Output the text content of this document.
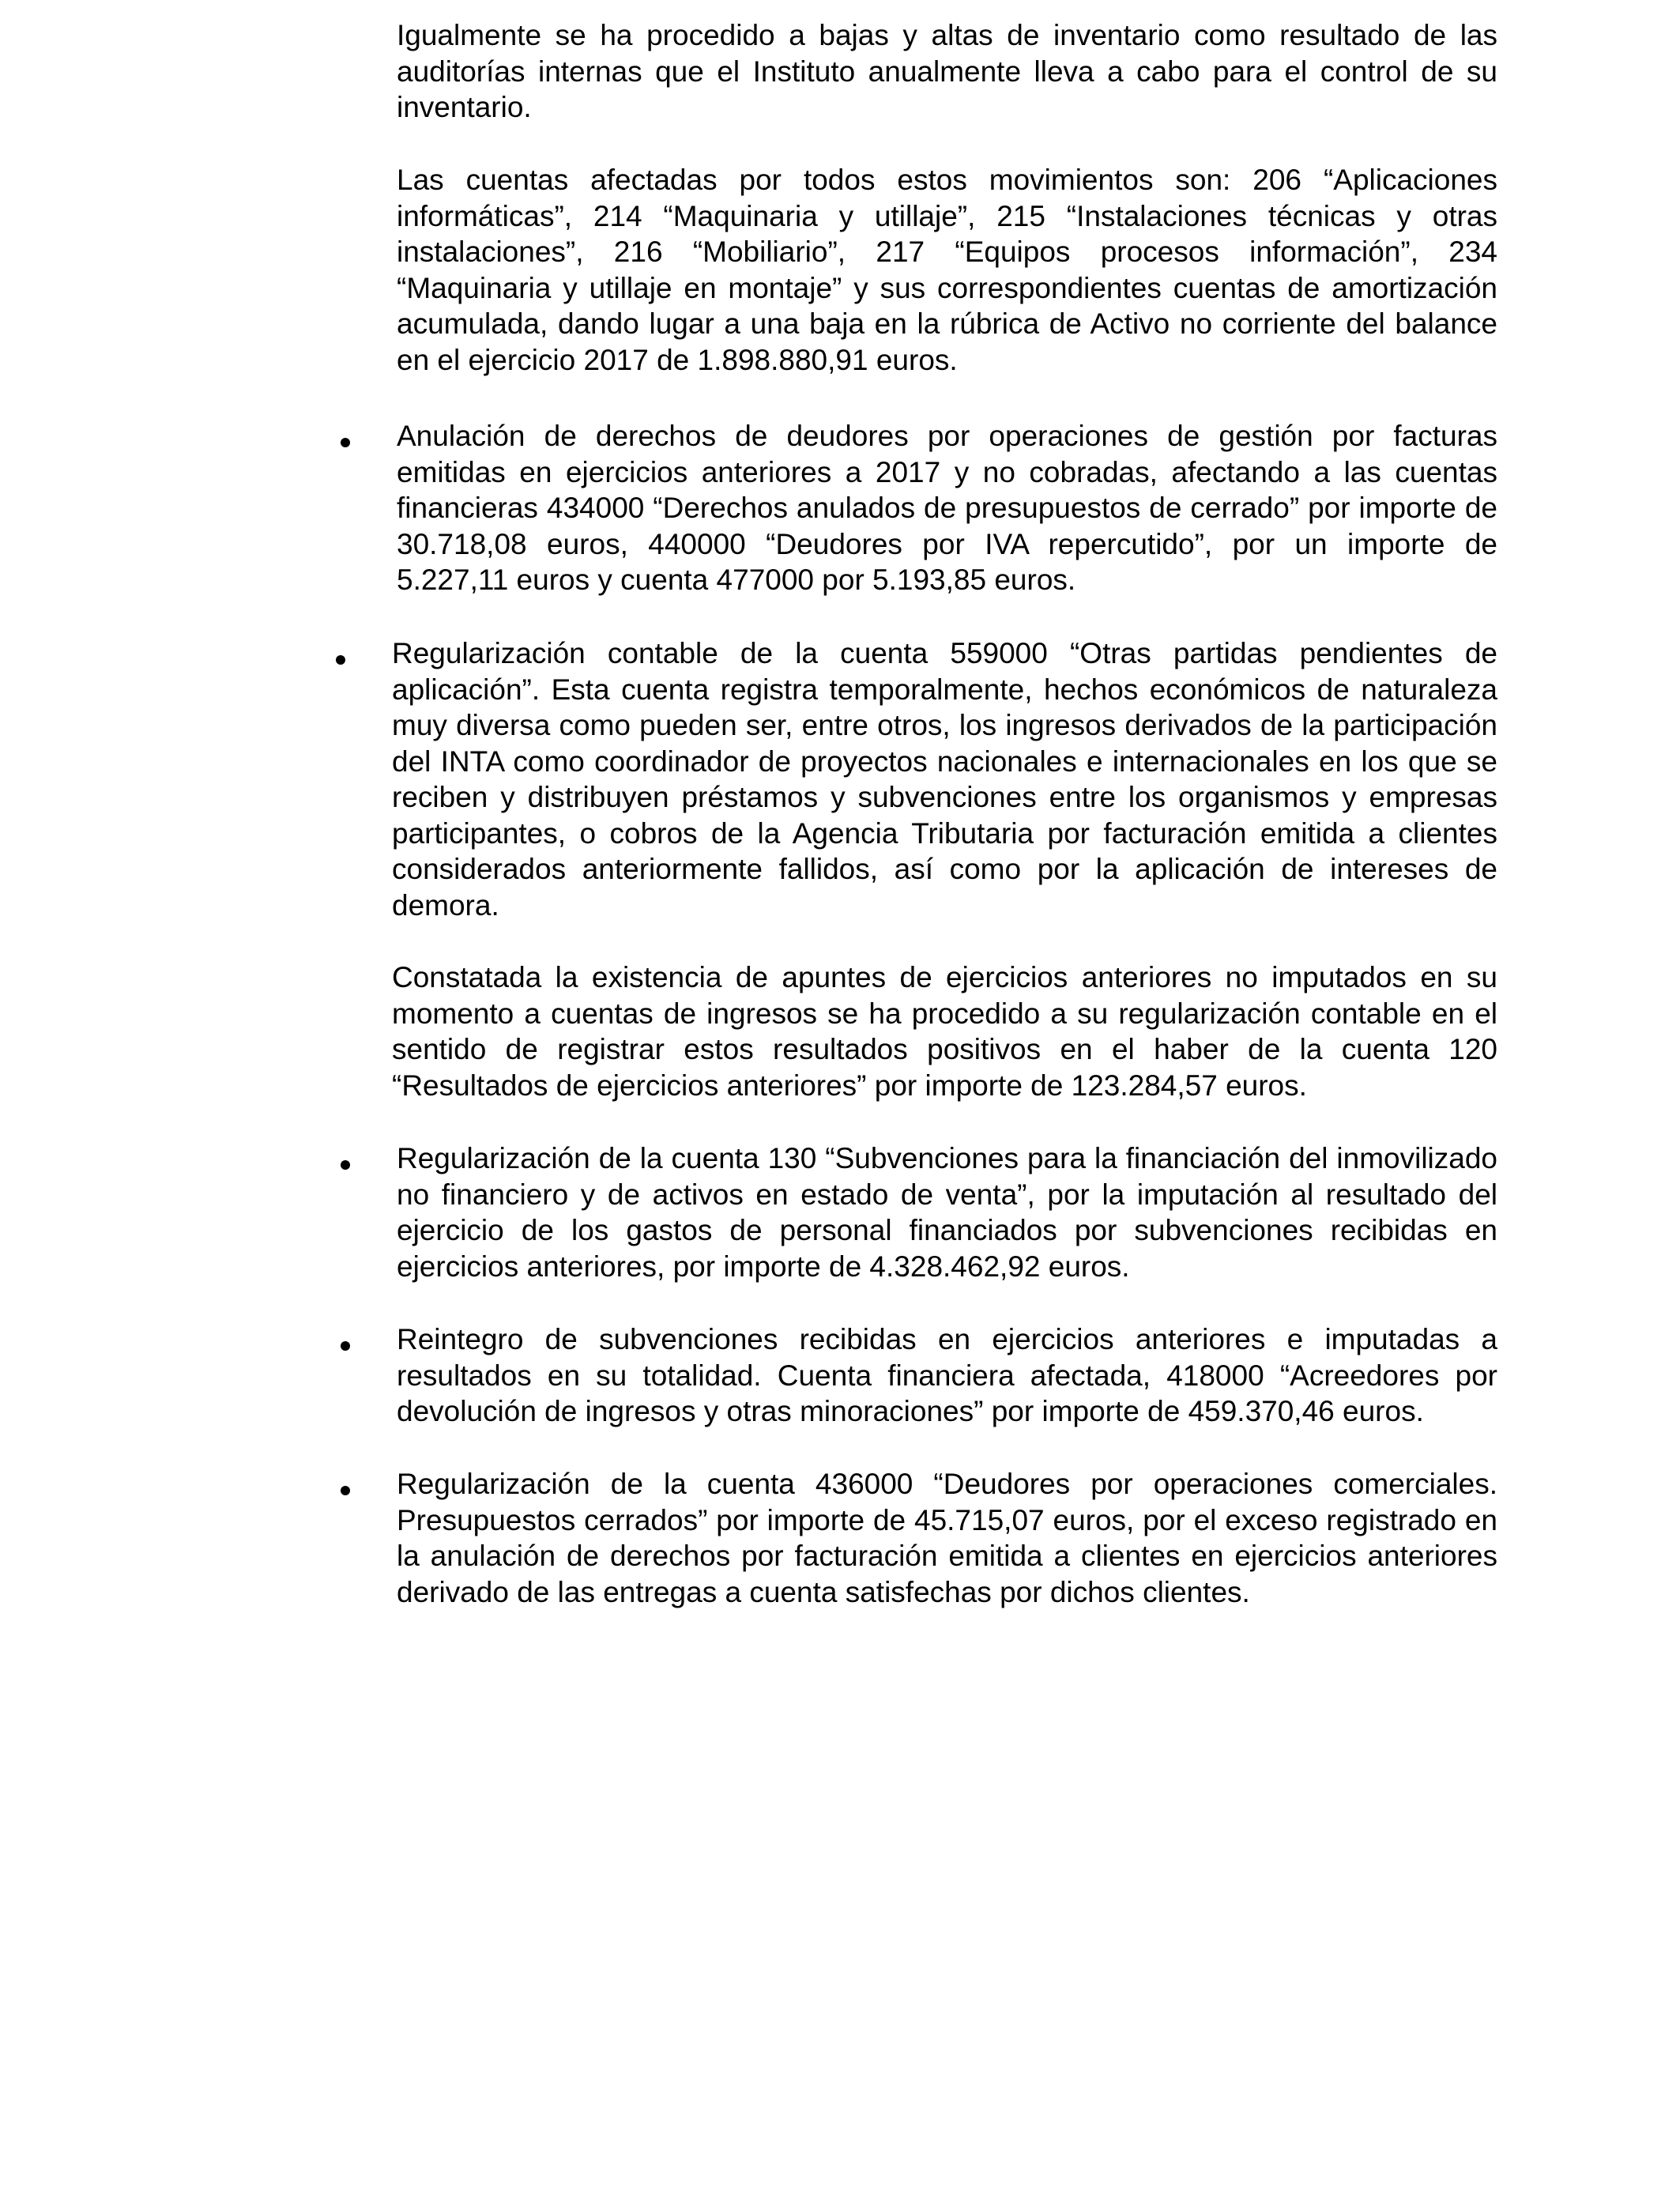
Igualmente se ha procedido a bajas y altas de inventario como resultado de las auditorías internas que el Instituto anualmente lleva a cabo para el control de su inventario.

Las cuentas afectadas por todos estos movimientos son: 206 “Aplicaciones informáticas”, 214 “Maquinaria y utillaje”, 215 “Instalaciones técnicas y otras instalaciones”, 216 “Mobiliario”, 217 “Equipos procesos información”, 234 “Maquinaria y utillaje en montaje” y sus correspondientes cuentas de amortización acumulada, dando lugar a una baja en la rúbrica de Activo no corriente del balance en el ejercicio 2017 de 1.898.880,91 euros.

Anulación de derechos de deudores por operaciones de gestión por facturas emitidas en ejercicios anteriores a 2017 y no cobradas, afectando a las cuentas financieras 434000 “Derechos anulados de presupuestos de cerrado” por importe de 30.718,08 euros, 440000 “Deudores por IVA repercutido”, por un importe de 5.227,11 euros y cuenta 477000 por 5.193,85 euros.

Regularización contable de la cuenta 559000 “Otras partidas pendientes de aplicación”. Esta cuenta registra temporalmente, hechos económicos de naturaleza muy diversa como pueden ser, entre otros, los ingresos derivados de la participación del INTA como coordinador de proyectos nacionales e internacionales en los que se reciben y distribuyen préstamos y subvenciones entre los organismos y empresas participantes, o cobros de la Agencia Tributaria por facturación emitida a clientes considerados anteriormente fallidos, así como por la aplicación de intereses de demora.

Constatada la existencia de apuntes de ejercicios anteriores no imputados en su momento a cuentas de ingresos se ha procedido a su regularización contable en el sentido de registrar estos resultados positivos en el haber de la cuenta 120 “Resultados de ejercicios anteriores” por importe de 123.284,57 euros.

Regularización de la cuenta 130 “Subvenciones para la financiación del inmovilizado no financiero y de activos en estado de venta”, por la imputación al resultado del ejercicio de los gastos de personal financiados por subvenciones recibidas en ejercicios anteriores, por importe de 4.328.462,92 euros.

Reintegro de subvenciones recibidas en ejercicios anteriores e imputadas a resultados en su totalidad. Cuenta financiera afectada, 418000 “Acreedores por devolución de ingresos y otras minoraciones” por importe de 459.370,46 euros.

Regularización de la cuenta 436000 “Deudores por operaciones comerciales. Presupuestos cerrados” por importe de 45.715,07 euros, por el exceso registrado en la anulación de derechos por facturación emitida a clientes en ejercicios anteriores derivado de las entregas a cuenta satisfechas por dichos clientes.
